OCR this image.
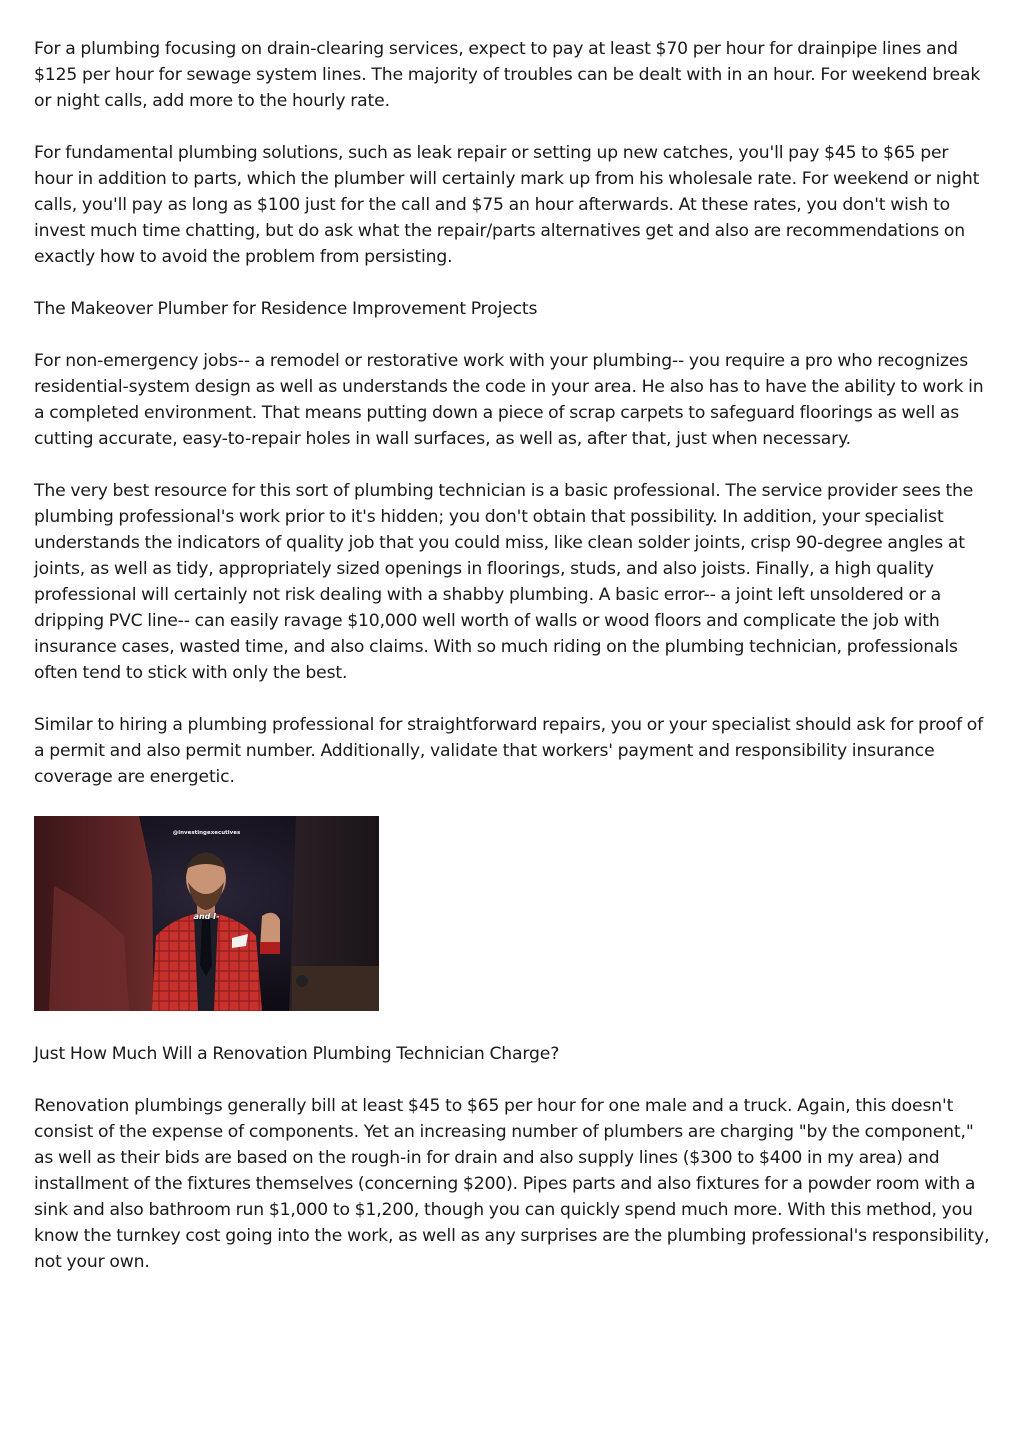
For a plumbing focusing on drain-clearing services, expect to pay at least $70 per hour for drainpipe lines and $125 per hour for sewage system lines. The majority of troubles can be dealt with in an hour. For weekend break or night calls, add more to the hourly rate.

For fundamental plumbing solutions, such as leak repair or setting up new catches, you'll pay $45 to $65 per hour in addition to parts, which the plumber will certainly mark up from his wholesale rate. For weekend or night calls, you'll pay as long as $100 just for the call and $75 an hour afterwards. At these rates, you don't wish to invest much time chatting, but do ask what the repair/parts alternatives get and also are recommendations on exactly how to avoid the problem from persisting.

The Makeover Plumber for Residence Improvement Projects

For non-emergency jobs-- a remodel or restorative work with your plumbing-- you require a pro who recognizes residential-system design as well as understands the code in your area. He also has to have the ability to work in a completed environment. That means putting down a piece of scrap carpets to safeguard floorings as well as cutting accurate, easy-to-repair holes in wall surfaces, as well as, after that, just when necessary.

The very best resource for this sort of plumbing technician is a basic professional. The service provider sees the plumbing professional's work prior to it's hidden; you don't obtain that possibility. In addition, your specialist understands the indicators of quality job that you could miss, like clean solder joints, crisp 90-degree angles at joints, as well as tidy, appropriately sized openings in floorings, studs, and also joists. Finally, a high quality professional will certainly not risk dealing with a shabby plumbing. A basic error-- a joint left unsoldered or a dripping PVC line-- can easily ravage $10,000 well worth of walls or wood floors and complicate the job with insurance cases, wasted time, and also claims. With so much riding on the plumbing technician, professionals often tend to stick with only the best.

Similar to hiring a plumbing professional for straightforward repairs, you or your specialist should ask for proof of a permit and also permit number. Additionally, validate that workers' payment and responsibility insurance coverage are energetic.

@investingexecutives
and I-

Just How Much Will a Renovation Plumbing Technician Charge?

Renovation plumbings generally bill at least $45 to $65 per hour for one male and a truck. Again, this doesn't consist of the expense of components. Yet an increasing number of plumbers are charging "by the component," as well as their bids are based on the rough-in for drain and also supply lines ($300 to $400 in my area) and installment of the fixtures themselves (concerning $200). Pipes parts and also fixtures for a powder room with a sink and also bathroom run $1,000 to $1,200, though you can quickly spend much more. With this method, you know the turnkey cost going into the work, as well as any surprises are the plumbing professional's responsibility, not your own.
